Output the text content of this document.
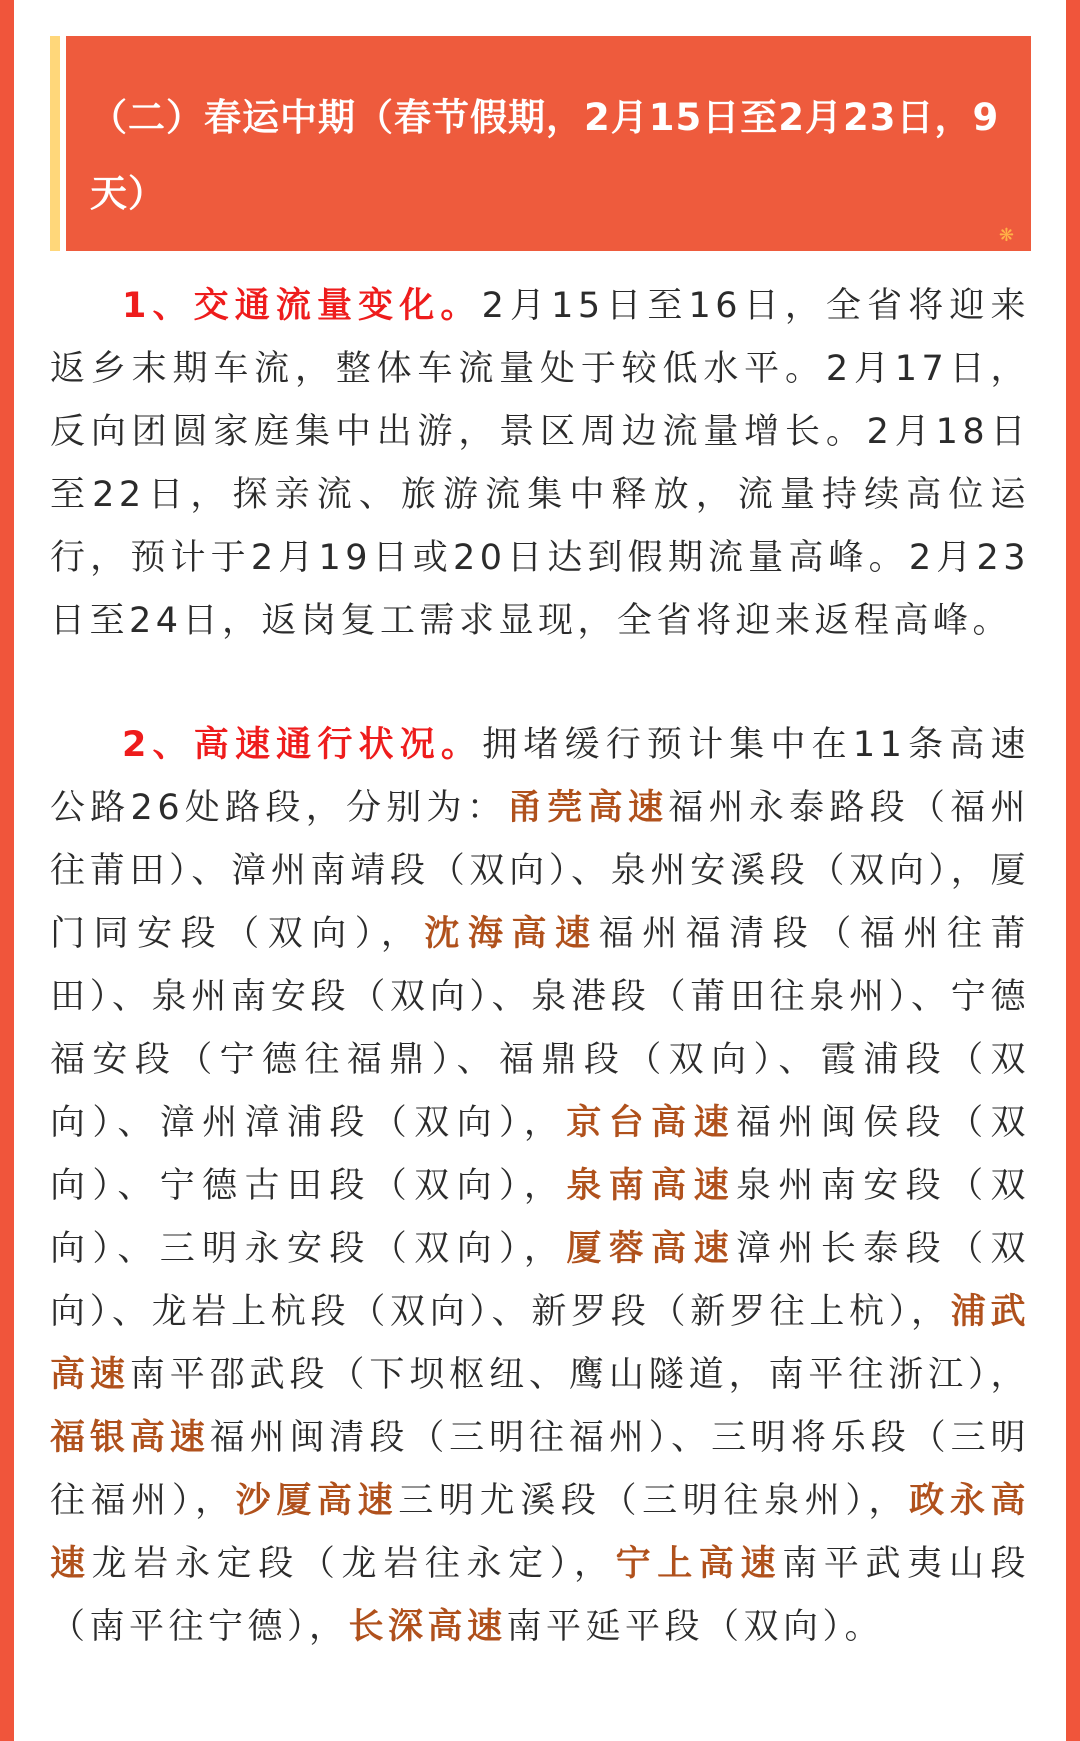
（二）春运中期（春节假期，2月15日至2月23日，9天）
❋

1、交通流量变化。2月15日至16日，全省将迎来返乡末期车流，整体车流量处于较低水平。2月17日，反向团圆家庭集中出游，景区周边流量增长。2月18日至22日，探亲流、旅游流集中释放，流量持续高位运行，预计于2月19日或20日达到假期流量高峰。2月23日至24日，返岗复工需求显现，全省将迎来返程高峰。

2、高速通行状况。拥堵缓行预计集中在11条高速公路26处路段，分别为：甬莞高速福州永泰路段（福州往莆田）、漳州南靖段（双向）、泉州安溪段（双向），厦门同安段（双向），沈海高速福州福清段（福州往莆田）、泉州南安段（双向）、泉港段（莆田往泉州）、宁德福安段（宁德往福鼎）、福鼎段（双向）、霞浦段（双向）、漳州漳浦段（双向），京台高速福州闽侯段（双向）、宁德古田段（双向），泉南高速泉州南安段（双向）、三明永安段（双向），厦蓉高速漳州长泰段（双向）、龙岩上杭段（双向）、新罗段（新罗往上杭），浦武高速南平邵武段（下坝枢纽、鹰山隧道，南平往浙江），福银高速福州闽清段（三明往福州）、三明将乐段（三明往福州），沙厦高速三明尤溪段（三明往泉州），政永高速龙岩永定段（龙岩往永定），宁上高速南平武夷山段（南平往宁德），长深高速南平延平段（双向）。
